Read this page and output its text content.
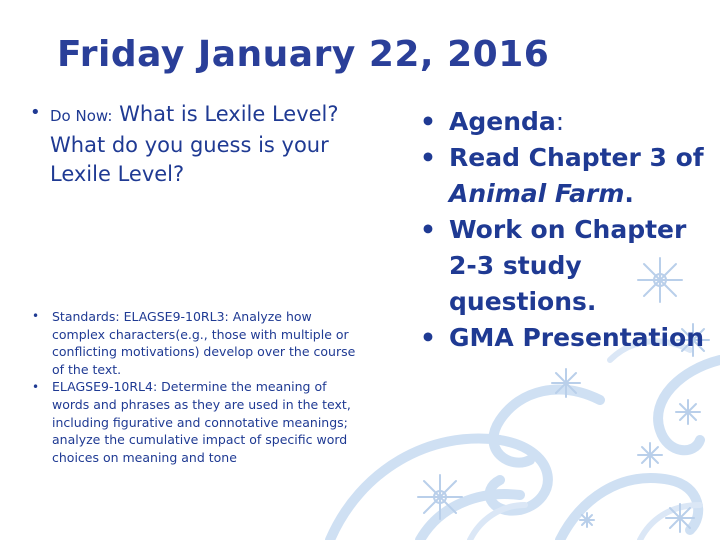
Friday January 22, 2016
• Do Now: What is Lexile Level? What do you guess is your Lexile Level?
•
•
Standards: ELAGSE9-10RL3: Analyze how complex characters(e.g., those with multiple or conflicting motivations) develop over the course of the text.
ELAGSE9-10RL4: Determine the meaning of words and phrases as they are used in the text, including figurative and connotative meanings; analyze the cumulative impact of specific word choices on meaning and tone
• Agenda:
• Read Chapter 3 of Animal Farm.
• Work on Chapter 2-3 study questions.
• GMA Presentation
